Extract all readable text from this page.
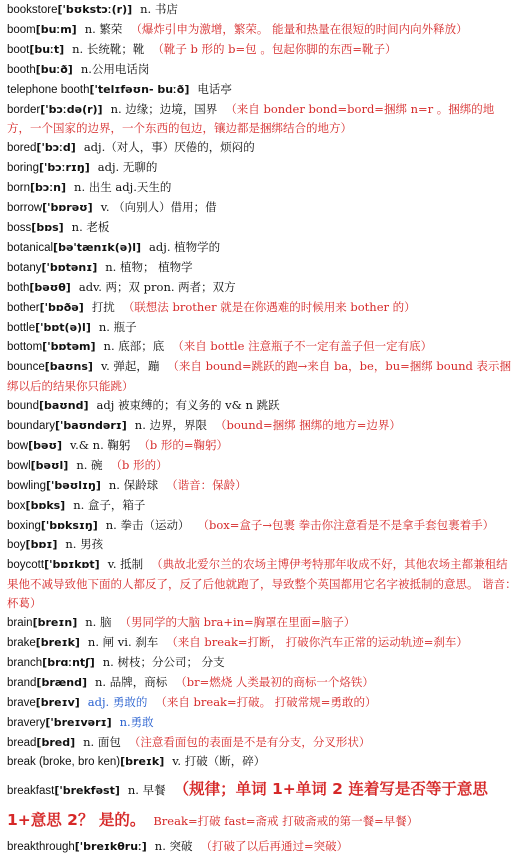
bookstore['bʊkstɔː(r)] n. 书店

boom[buːm] n. 繁荣 （爆炸引申为激增，繁荣。 能量和热量在很短的时间内向外释放）

boot[buːt] n. 长统靴；靴 （靴子 b 形的 b=包 。包起你脚的东西=靴子）

booth[buːð] n.公用电话岗

telephone booth['telɪfəʊn- buːð] 电话亭

border['bɔːdə(r)] n. 边缘；边境，国界 （来自 bonder bond=bord=捆绑 n=r 。捆绑的地方，一个国家的边界，一个东西的包边，镶边都是捆绑结合的地方）

bored['bɔːd] adj.（对人，事）厌倦的，烦闷的

boring['bɔːrɪŋ] adj. 无聊的

born[bɔːn] n. 出生 adj.天生的

borrow['bɒrəʊ] v. （向别人）借用；借

boss[bɒs] n. 老板

botanical[bə'tænɪk(ə)l] adj. 植物学的

botany['bɒtənɪ] n. 植物； 植物学

both[bəʊθ] adv. 两；双 pron. 两者；双方

bother['bɒðə] 打扰 （联想法 brother 就是在你遇难的时候用来 bother 的）

bottle['bɒt(ə)l] n. 瓶子

bottom['bɒtəm] n. 底部；底 （来自 bottle 注意瓶子不一定有盖子但一定有底）

bounce[baʊns] v. 弹起，蹦 （来自 bound=跳跃的跑→来自 ba，be，bu=捆绑 bound 表示捆绑以后的结果你只能跳）

bound[baʊnd] adj 被束缚的；有义务的 v& n 跳跃

boundary['baʊndərɪ] n. 边界，界限 （bound=捆绑 捆绑的地方=边界）

bow[bəʊ] v.& n. 鞠躬 （b 形的=鞠躬）

bowl[bəʊl] n. 碗 （b 形的）

bowling['bəʊlɪŋ] n. 保龄球 （谐音：保龄）

box[bɒks] n. 盒子，箱子

boxing['bɒksɪŋ] n. 拳击（运动） （box=盒子→包裹 拳击你注意看是不是拿手套包裹着手）

boy[bɒɪ] n. 男孩

boycott['bɒɪkɒt] v. 抵制 （典故北爱尔兰的农场主博伊考特那年收成不好，其他农场主都兼租结果他不减导致他下面的人都反了，反了后他就跑了，导致整个英国都用它名字被抵制的意思。 谐音：杯葛）

brain[breɪn] n. 脑 （男同学的大脑 bra+in=胸罩在里面=脑子）

brake[breɪk] n. 闸 vi. 刹车 （来自 break=打断， 打破你汽车正常的运动轨迹=刹车）

branch[brɑːntʃ] n. 树枝；分公司； 分支

brand[brænd] n. 品牌，商标 （br=燃烧 人类最初的商标一个烙铁）

brave[breɪv] adj. 勇敢的 （来自 break=打破。 打破常规=勇敢的）

bravery['breɪvərɪ] n.勇敢

bread[bred] n. 面包 （注意看面包的表面是不是有分支，分叉形状）

break (broke, bro ken)[breɪk] v. 打破（断，碎）

breakfast['brekfəst] n. 早餐 （规律；单词 1+单词 2 连着写是否等于意思 1+意思 2？ 是的。 Break=打破 fast=斋戒 打破斋戒的第一餐=早餐）

breakthrough['breɪkθruː] n. 突破 （打破了以后再通过=突破）
